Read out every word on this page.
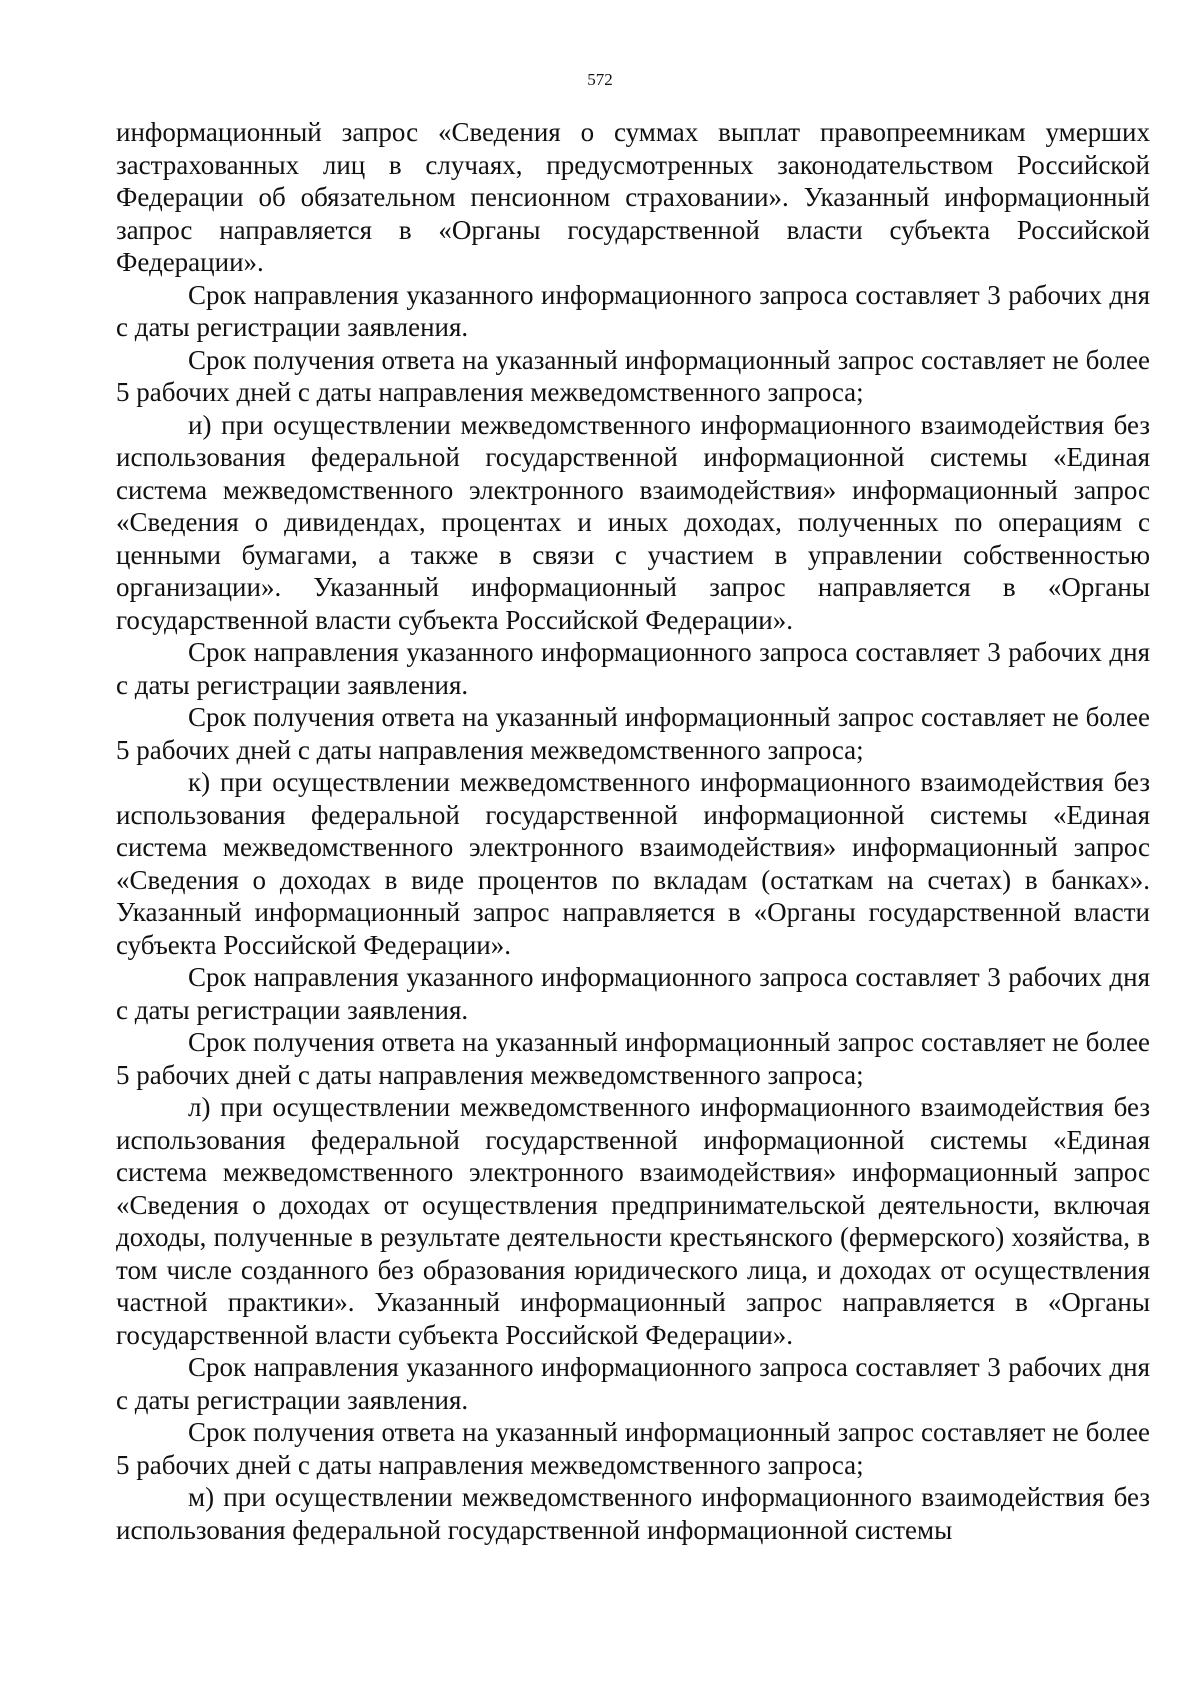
572

информационный запрос «Сведения о суммах выплат правопреемникам умерших застрахованных лиц в случаях, предусмотренных законодательством Российской Федерации об обязательном пенсионном страховании». Указанный информационный запрос направляется в «Органы государственной власти субъекта Российской Федерации».

Срок направления указанного информационного запроса составляет 3 рабочих дня с даты регистрации заявления.

Срок получения ответа на указанный информационный запрос составляет не более 5 рабочих дней с даты направления межведомственного запроса;

и) при осуществлении межведомственного информационного взаимодействия без использования федеральной государственной информационной системы «Единая система межведомственного электронного взаимодействия» информационный запрос «Сведения о дивидендах, процентах и иных доходах, полученных по операциям с ценными бумагами, а также в связи с участием в управлении собственностью организации». Указанный информационный запрос направляется в «Органы государственной власти субъекта Российской Федерации».

Срок направления указанного информационного запроса составляет 3 рабочих дня с даты регистрации заявления.

Срок получения ответа на указанный информационный запрос составляет не более 5 рабочих дней с даты направления межведомственного запроса;

к) при осуществлении межведомственного информационного взаимодействия без использования федеральной государственной информационной системы «Единая система межведомственного электронного взаимодействия» информационный запрос «Сведения о доходах в виде процентов по вкладам (остаткам на счетах) в банках». Указанный информационный запрос направляется в «Органы государственной власти субъекта Российской Федерации».

Срок направления указанного информационного запроса составляет 3 рабочих дня с даты регистрации заявления.

Срок получения ответа на указанный информационный запрос составляет не более 5 рабочих дней с даты направления межведомственного запроса;

л) при осуществлении межведомственного информационного взаимодействия без использования федеральной государственной информационной системы «Единая система межведомственного электронного взаимодействия» информационный запрос «Сведения о доходах от осуществления предпринимательской деятельности, включая доходы, полученные в результате деятельности крестьянского (фермерского) хозяйства, в том числе созданного без образования юридического лица, и доходах от осуществления частной практики». Указанный информационный запрос направляется в «Органы государственной власти субъекта Российской Федерации».

Срок направления указанного информационного запроса составляет 3 рабочих дня с даты регистрации заявления.

Срок получения ответа на указанный информационный запрос составляет не более 5 рабочих дней с даты направления межведомственного запроса;

м) при осуществлении межведомственного информационного взаимодействия без использования федеральной государственной информационной системы
